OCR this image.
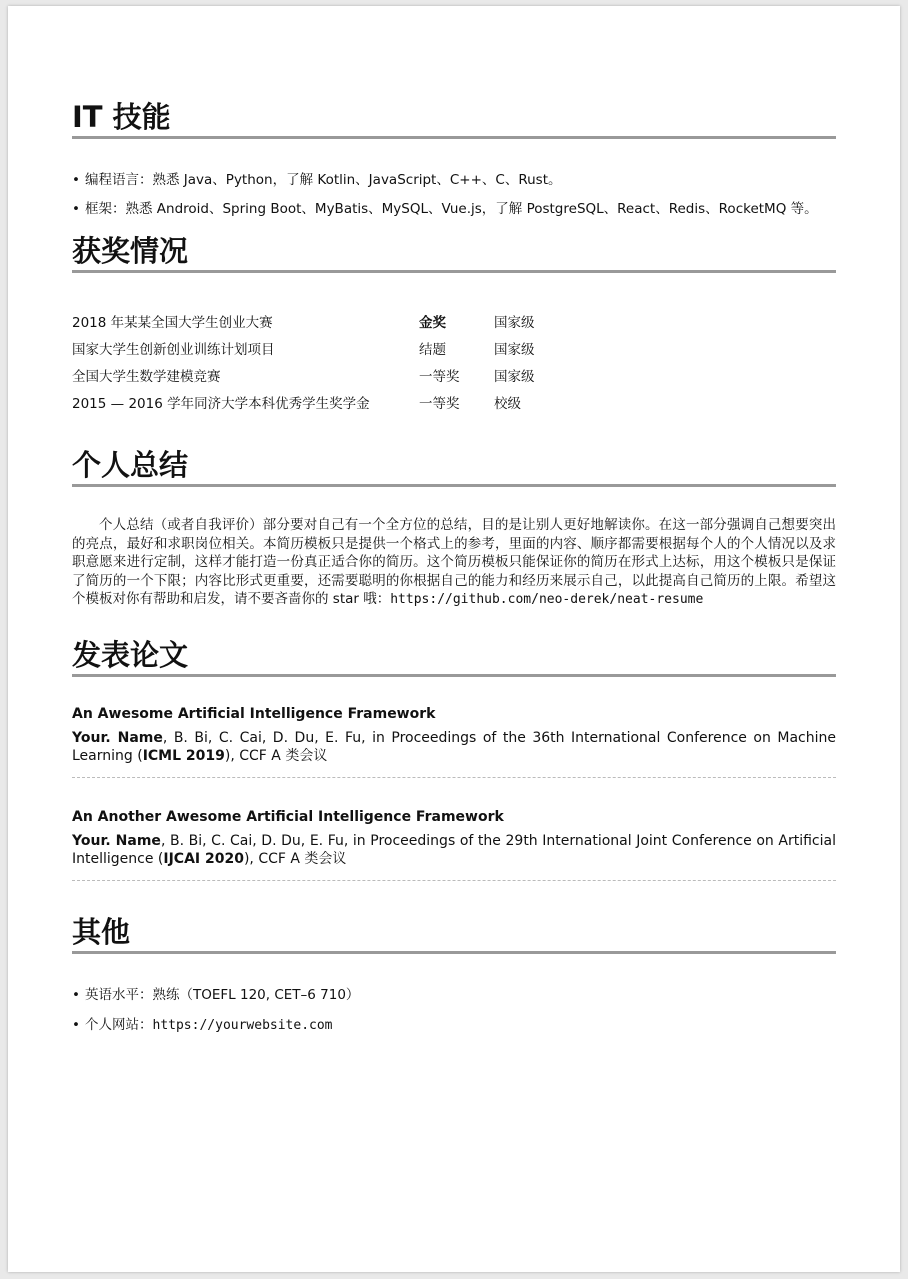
IT 技能
• 编程语言：熟悉 Java、Python，了解 Kotlin、JavaScript、C++、C、Rust。
• 框架：熟悉 Android、Spring Boot、MyBatis、MySQL、Vue.js，了解 PostgreSQL、React、Redis、RocketMQ 等。
获奖情况
2018 年某某全国大学生创业大赛	金奖	国家级
国家大学生创新创业训练计划项目	结题	国家级
全国大学生数学建模竞赛	一等奖	国家级
2015 — 2016 学年同济大学本科优秀学生奖学金	一等奖	校级
个人总结

个人总结（或者自我评价）部分要对自己有一个全方位的总结，目的是让别人更好地解读你。在这一部分强调自己想要突出的亮点，最好和求职岗位相关。本简历模板只是提供一个格式上的参考，里面的内容、顺序都需要根据每个人的个人情况以及求职意愿来进行定制，这样才能打造一份真正适合你的简历。这个简历模板只能保证你的简历在形式上达标，用这个模板只是保证了简历的一个下限；内容比形式更重要，还需要聪明的你根据自己的能力和经历来展示自己，以此提高自己简历的上限。希望这个模板对你有帮助和启发，请不要吝啬你的 star 哦：https://github.com/neo-derek/neat-resume

发表论文
An Awesome Artificial Intelligence Framework
Your. Name, B. Bi, C. Cai, D. Du, E. Fu, in Proceedings of the 36th International Conference on Machine Learning (ICML 2019), CCF A 类会议
An Another Awesome Artificial Intelligence Framework
Your. Name, B. Bi, C. Cai, D. Du, E. Fu, in Proceedings of the 29th International Joint Conference on Artificial Intelligence (IJCAI 2020), CCF A 类会议
其他
• 英语水平：熟练（TOEFL 120, CET–6 710）
• 个人网站：https://yourwebsite.com
